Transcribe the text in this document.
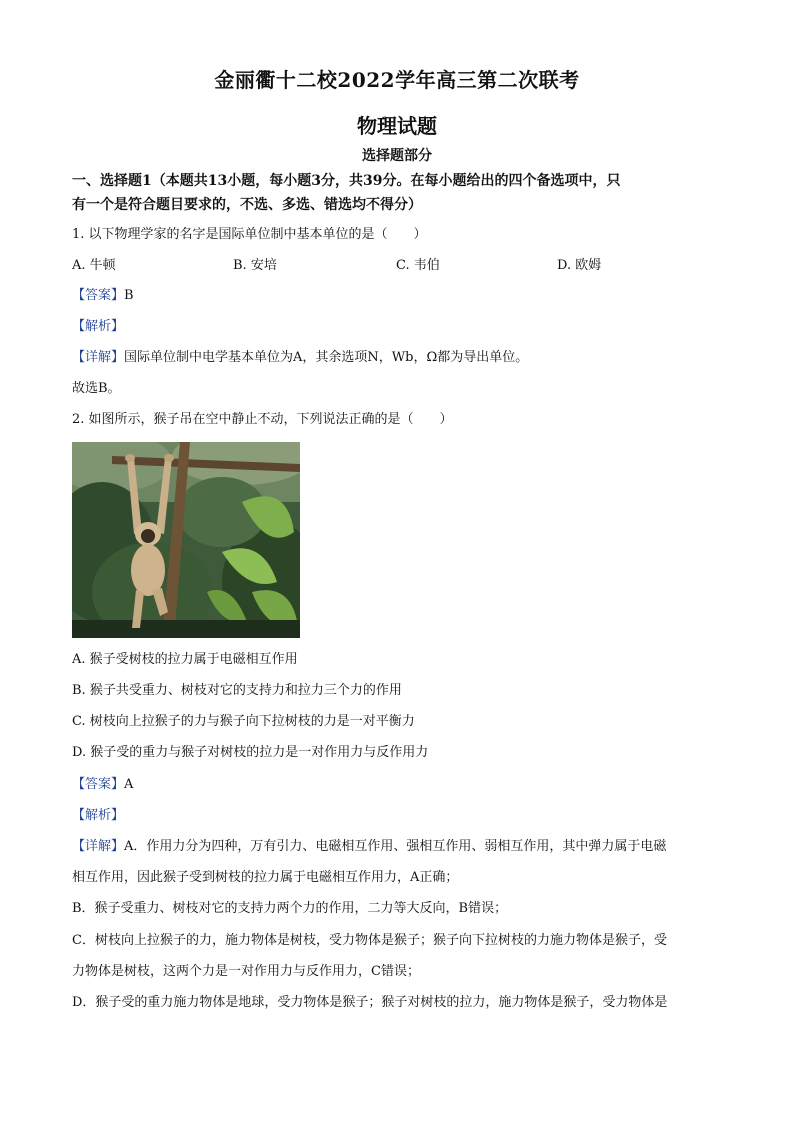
金丽衢十二校2022学年高三第二次联考
物理试题
选择题部分
一、选择题1（本题共13小题，每小题3分，共39分。在每小题给出的四个备选项中，只
有一个是符合题目要求的，不选、多选、错选均不得分）
1. 以下物理学家的名字是国际单位制中基本单位的是（　　）
A. 牛顿	B. 安培	C. 韦伯	D. 欧姆
【答案】B
【解析】
【详解】国际单位制中电学基本单位为A，其余选项N，Wb，Ω都为导出单位。
故选B。
2. 如图所示，猴子吊在空中静止不动，下列说法正确的是（　　）
A. 猴子受树枝的拉力属于电磁相互作用
B. 猴子共受重力、树枝对它的支持力和拉力三个力的作用
C. 树枝向上拉猴子的力与猴子向下拉树枝的力是一对平衡力
D. 猴子受的重力与猴子对树枝的拉力是一对作用力与反作用力
【答案】A
【解析】
【详解】A．作用力分为四种，万有引力、电磁相互作用、强相互作用、弱相互作用，其中弹力属于电磁
相互作用，因此猴子受到树枝的拉力属于电磁相互作用力，A正确；
B．猴子受重力、树枝对它的支持力两个力的作用，二力等大反向，B错误；
C．树枝向上拉猴子的力，施力物体是树枝，受力物体是猴子；猴子向下拉树枝的力施力物体是猴子，受
力物体是树枝，这两个力是一对作用力与反作用力，C错误；
D．猴子受的重力施力物体是地球，受力物体是猴子；猴子对树枝的拉力，施力物体是猴子，受力物体是
